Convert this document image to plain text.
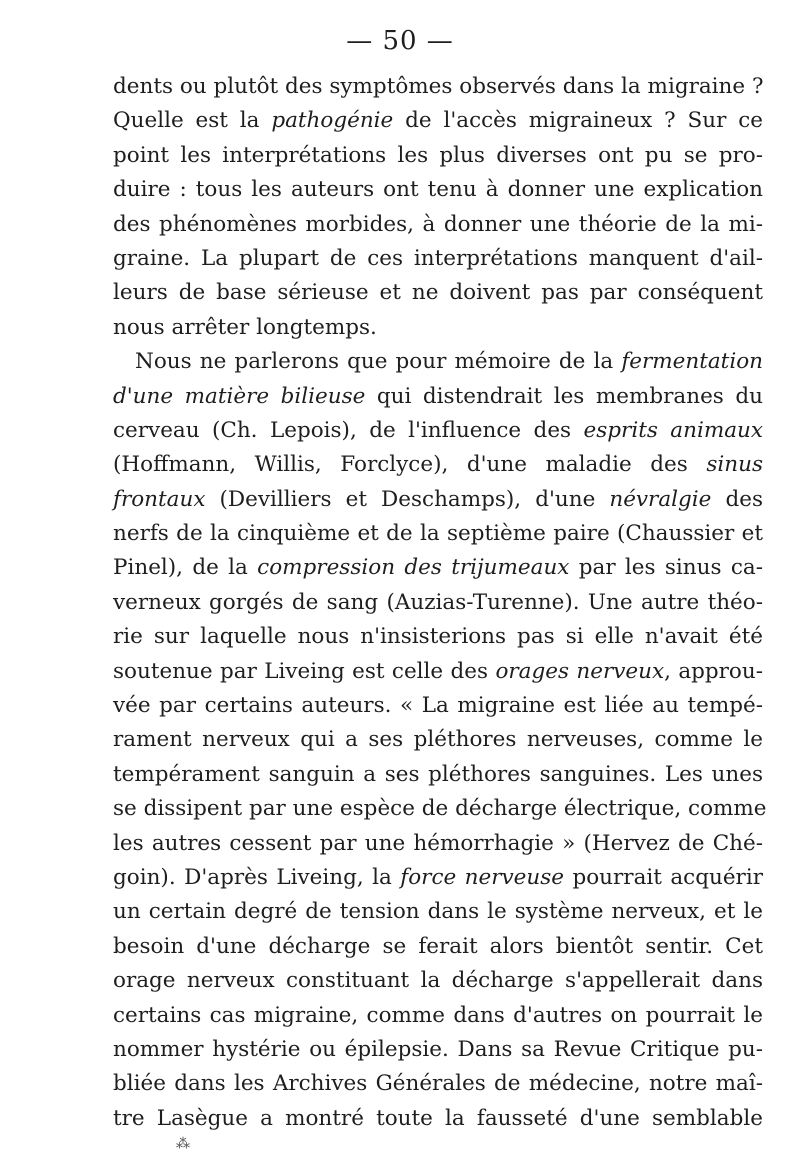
— 50 —
dents ou plutôt des symptômes observés dans la migraine ?
Quelle est la pathogénie de l'accès migraineux ? Sur ce
point les interprétations les plus diverses ont pu se pro-
duire : tous les auteurs ont tenu à donner une explication
des phénomènes morbides, à donner une théorie de la mi-
graine. La plupart de ces interprétations manquent d'ail-
leurs de base sérieuse et ne doivent pas par conséquent
nous arrêter longtemps.
Nous ne parlerons que pour mémoire de la fermentation
d'une matière bilieuse qui distendrait les membranes du
cerveau (Ch. Lepois), de l'influence des esprits animaux
(Hoffmann, Willis, Forclyce), d'une maladie des sinus
frontaux (Devilliers et Deschamps), d'une névralgie des
nerfs de la cinquième et de la septième paire (Chaussier et
Pinel), de la compression des trijumeaux par les sinus ca-
verneux gorgés de sang (Auzias-Turenne). Une autre théo-
rie sur laquelle nous n'insisterions pas si elle n'avait été
soutenue par Liveing est celle des orages nerveux, approu-
vée par certains auteurs. « La migraine est liée au tempé-
rament nerveux qui a ses pléthores nerveuses, comme le
tempérament sanguin a ses pléthores sanguines. Les unes
se dissipent par une espèce de décharge électrique, comme
les autres cessent par une hémorrhagie » (Hervez de Ché-
goin). D'après Liveing, la force nerveuse pourrait acquérir
un certain degré de tension dans le système nerveux, et le
besoin d'une décharge se ferait alors bientôt sentir. Cet
orage nerveux constituant la décharge s'appellerait dans
certains cas migraine, comme dans d'autres on pourrait le
nommer hystérie ou épilepsie. Dans sa Revue Critique pu-
bliée dans les Archives Générales de médecine, notre maî-
tre Lasègue a montré toute la fausseté d'une semblable
⁂
